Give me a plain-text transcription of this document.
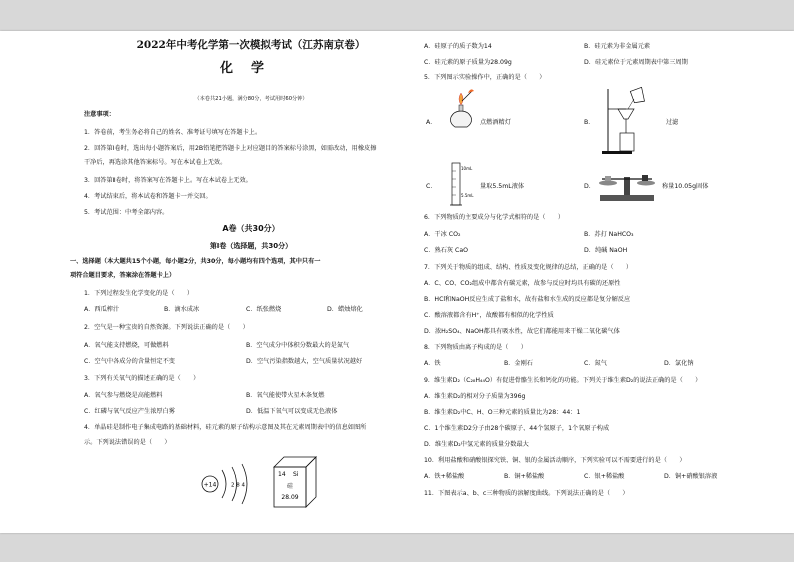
2022年中考化学第一次模拟考试（江苏南京卷）
化学
（本卷共21小题，满分80分，考试用时60分钟）
注意事项：
1．答卷前，考生务必将自己的姓名、准考证号填写在答题卡上。
2．回答第Ⅰ卷时，选出每小题答案后，用2B铅笔把答题卡上对应题目的答案标号涂黑，如需改动，用橡皮擦
干净后，再选涂其他答案标号。写在本试卷上无效。
3．回答第Ⅱ卷时，将答案写在答题卡上。写在本试卷上无效。
4．考试结束后，将本试卷和答题卡一并交回。
5．考试范围：中考全部内容。
A卷（共30分）
第Ⅰ卷（选择题，共30分）
一、选择题（本大题共15个小题，每小题2分，共30分，每小题均有四个选项，其中只有一
项符合题目要求，答案涂在答题卡上）
1．下列过程发生化学变化的是（　　）
A．西瓜榨汁	B．滴水成冰	C．纸张燃烧	D．蜡烛熔化
2．空气是一种宝贵的自然资源。下列说法正确的是（　　）
A．氧气能支持燃烧，可做燃料	B．空气成分中体积分数最大的是氮气
C．空气中各成分的含量恒定不变	D．空气污染指数越大，空气质量状况越好
3．下列有关氧气的描述正确的是（　　）
A．氧气参与燃烧是高能燃料	B．氧气能使带火星木条复燃
C．红磷与氧气反应产生浓厚白雾	D．低温下氧气可以变成无色液体
4．单晶硅是制作电子集成电路的基础材料，硅元素的原子结构示意图及其在元素周期表中的信息如图所
示。下列说法错误的是（　　）
+14	2 8 4
14 Si
硅
28.09
A．硅原子的质子数为14	B．硅元素为非金属元素
C．硅元素的原子质量为28.09g	D．硅元素位于元素周期表中第三周期
5．下列图示实验操作中，正确的是（　　）
A．	点燃酒精灯	B．	过滤
C．
10mL
5.5mL
量取5.5mL液体	D．	称量10.05g固体
6．下列物质的主要成分与化学式相符的是（　　）
A．干冰 CO₂	B．苏打 NaHCO₃
C．熟石灰 CaO	D．纯碱 NaOH
7．下列关于物质的组成、结构、性质及变化规律的总结，正确的是（　　）
A．C、CO、CO₂组成中都含有碳元素，故参与反应时均具有碳的还原性
B．HCl和NaOH反应生成了盐和水，故有盐和水生成的反应都是复分解反应
C．酸溶液都含有H⁺，故酸都有相似的化学性质
D．浓H₂SO₄、NaOH都具有吸水性，故它们都能用来干燥二氧化碳气体
8．下列物质由离子构成的是（　　）
A．铁	B．金刚石	C．氮气	D．氯化钠
9．维生素D₂（C₂₈H₄₄O）有促进骨骼生长和钙化的功能。下列关于维生素D₂的说法正确的是（　　）
A．维生素D₂的相对分子质量为396g
B．维生素D₂中C、H、O三种元素的质量比为28：44：1
C．1个维生素D2分子由28个碳原子、44个氢原子，1个氧原子构成
D．维生素D₂中氢元素的质量分数最大
10．利用盐酸和硝酸银探究铁、铜、银的金属活动顺序，下列实验可以不需要进行的是（　　）
A．铁+稀盐酸	B．铜+稀盐酸	C．银+稀盐酸	D．铜+硝酸银溶液
11．下图表示a、b、c三种物质的溶解度曲线。下列说法正确的是（　　）
